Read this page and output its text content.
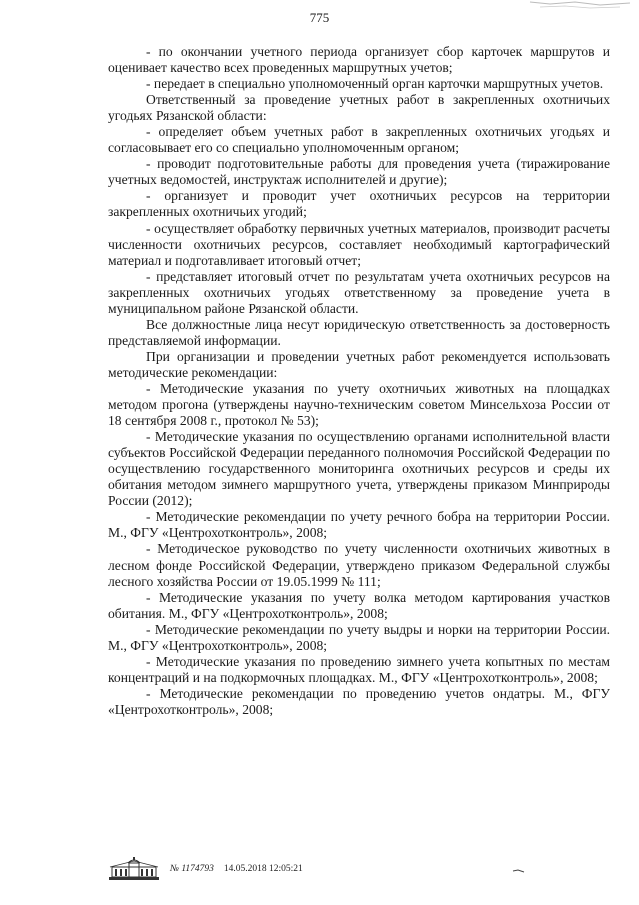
775

- по окончании учетного периода организует сбор карточек маршрутов и оценивает качество всех проведенных маршрутных учетов;

- передает в специально уполномоченный орган карточки маршрутных учетов.

Ответственный за проведение учетных работ в закрепленных охотничьих угодьях Рязанской области:

- определяет объем учетных работ в закрепленных охотничьих угодьях и согласовывает его со специально уполномоченным органом;

- проводит подготовительные работы для проведения учета (тиражирование учетных ведомостей, инструктаж исполнителей и другие);

- организует и проводит учет охотничьих ресурсов на территории закрепленных охотничьих угодий;

- осуществляет обработку первичных учетных материалов, производит расчеты численности охотничьих ресурсов, составляет необходимый картографический материал и подготавливает итоговый отчет;

- представляет итоговый отчет по результатам учета охотничьих ресурсов на закрепленных охотничьих угодьях ответственному за проведение учета в муниципальном районе Рязанской области.

Все должностные лица несут юридическую ответственность за достоверность представляемой информации.

При организации и проведении учетных работ рекомендуется использовать методические рекомендации:

- Методические указания по учету охотничьих животных на площадках методом прогона (утверждены научно-техническим советом Минсельхоза России от 18 сентября 2008 г., протокол № 53);

- Методические указания по осуществлению органами исполнительной власти субъектов Российской Федерации переданного полномочия Российской Федерации по осуществлению государственного мониторинга охотничьих ресурсов и среды их обитания методом зимнего маршрутного учета, утверждены приказом Минприроды России (2012);

- Методические рекомендации по учету речного бобра на территории России. М., ФГУ «Центрохотконтроль», 2008;

- Методическое руководство по учету численности охотничьих животных в лесном фонде Российской Федерации, утверждено приказом Федеральной службы лесного хозяйства России от 19.05.1999 № 111;

- Методические указания по учету волка методом картирования участков обитания. М., ФГУ «Центрохотконтроль», 2008;

- Методические рекомендации по учету выдры и норки на территории России. М., ФГУ «Центрохотконтроль», 2008;

- Методические указания по проведению зимнего учета копытных по местам концентраций и на подкормочных площадках. М., ФГУ «Центрохотконтроль», 2008;

- Методические рекомендации по проведению учетов ондатры. М., ФГУ «Центрохотконтроль», 2008;

№ 1174793 14.05.2018 12:05:21
